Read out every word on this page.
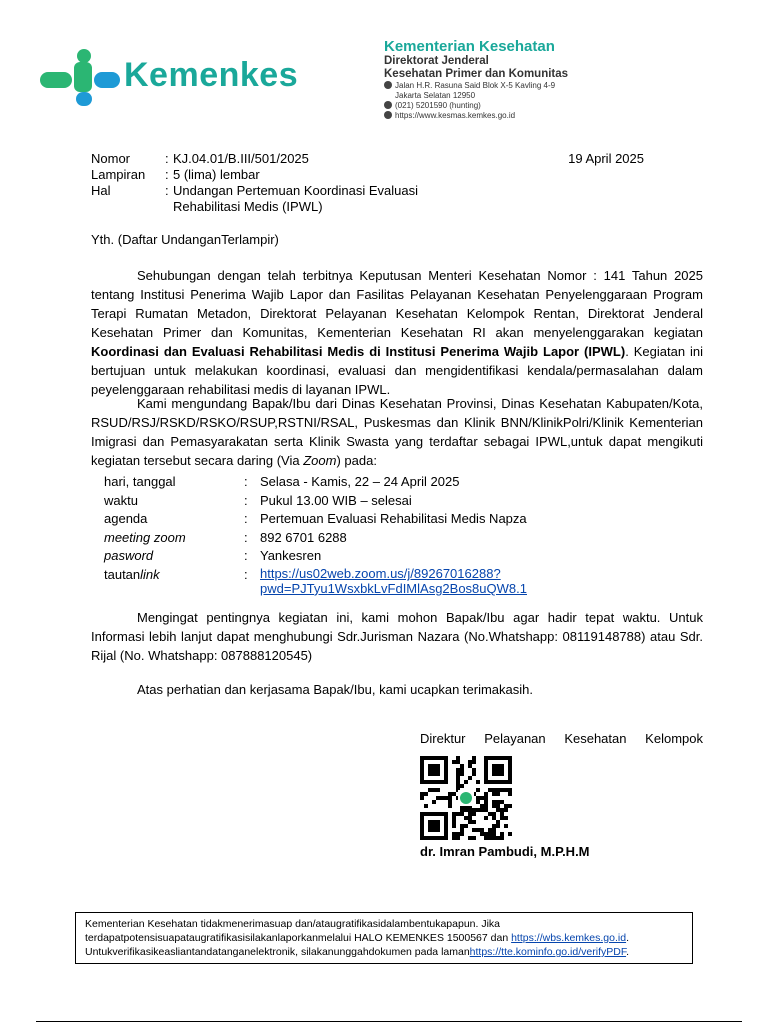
Kemenkes
Kementerian Kesehatan
Direktorat Jenderal
Kesehatan Primer dan Komunitas
Jalan H.R. Rasuna Said Blok X-5 Kavling 4-9
Jakarta Selatan 12950
(021) 5201590 (hunting)
https://www.kesmas.kemkes.go.id
Nomor	: KJ.04.01/B.III/501/2025
Lampiran	: 5 (lima) lembar
Hal	: Undangan Pertemuan Koordinasi Evaluasi
Rehabilitasi Medis (IPWL)
19 April 2025
Yth. (Daftar UndanganTerlampir)
Sehubungan dengan telah terbitnya Keputusan Menteri Kesehatan Nomor : 141 Tahun 2025 tentang Institusi Penerima Wajib Lapor dan Fasilitas Pelayanan Kesehatan Penyelenggaraan Program Terapi Rumatan Metadon, Direktorat Pelayanan Kesehatan Kelompok Rentan, Direktorat Jenderal Kesehatan Primer dan Komunitas, Kementerian Kesehatan RI akan menyelenggarakan kegiatan Koordinasi dan Evaluasi Rehabilitasi Medis di Institusi Penerima Wajib Lapor (IPWL). Kegiatan ini bertujuan untuk melakukan koordinasi, evaluasi dan mengidentifikasi kendala/permasalahan dalam peyelenggaraan rehabilitasi medis di layanan IPWL.
Kami mengundang Bapak/Ibu dari Dinas Kesehatan Provinsi, Dinas Kesehatan Kabupaten/Kota, RSUD/RSJ/RSKD/RSKO/RSUP,RSTNI/RSAL, Puskesmas dan Klinik BNN/KlinikPolri/Klinik Kementerian Imigrasi dan Pemasyarakatan serta Klinik Swasta yang terdaftar sebagai IPWL,untuk dapat mengikuti kegiatan tersebut secara daring (Via Zoom) pada:
hari, tanggal	: Selasa - Kamis, 22 – 24 April 2025
waktu	: Pukul 13.00 WIB – selesai
agenda	: Pertemuan Evaluasi Rehabilitasi Medis Napza
meeting zoom	: 892 6701 6288
pasword	: Yankesren
tautanlink	: https://us02web.zoom.us/j/89267016288?
pwd=PJTyu1WsxbkLvFdIMlAsg2Bos8uQW8.1
Mengingat pentingnya kegiatan ini, kami mohon Bapak/Ibu agar hadir tepat waktu. Untuk Informasi lebih lanjut dapat menghubungi Sdr.Jurisman Nazara (No.Whatshapp: 08119148788) atau Sdr. Rijal (No. Whatshapp: 087888120545)
Atas perhatian dan kerjasama Bapak/Ibu, kami ucapkan terimakasih.
Direktur Pelayanan Kesehatan Kelompok
dr. Imran Pambudi, M.P.H.M
Kementerian Kesehatan tidakmenerimasuap dan/ataugratifikasidalambentukapapun. Jika
terdapatpotensisuapataugratifikasisilakanlaporkanmelalui HALO KEMENKES 1500567 dan https://wbs.kemkes.go.id.
Untukverifikasikeasliantandatanganelektronik, silakanunggahdokumen pada lamanhttps://tte.kominfo.go.id/verifyPDF.
